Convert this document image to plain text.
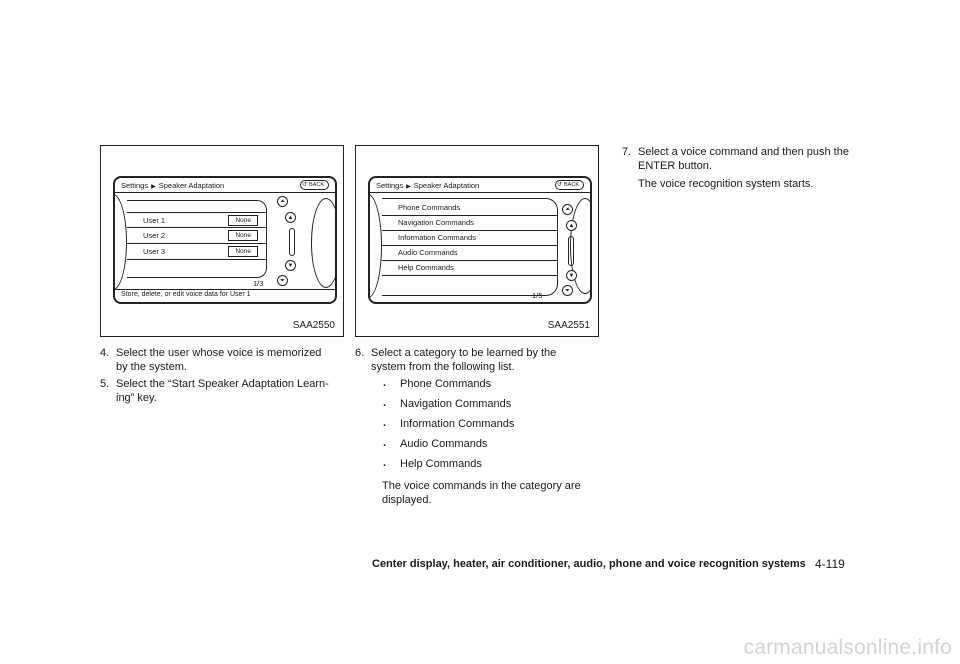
Settings ▶ Speaker Adaptation	↺ BACK
User 1	None
User 2	None
User 3	None
1/3
⏶
▲
▼
⏷
Store, delete, or edit voice data for User 1
SAA2550
Settings ▶ Speaker Adaptation	↺ BACK
Phone Commands
Navigation Commands
Information Commands
Audio Commands
Help Commands
1/5
⏶
▲
▼
⏷
SAA2551
4. Select the user whose voice is memorized
by the system.
5. Select the “Start Speaker Adaptation Learn-
ing” key.
6. Select a category to be learned by the
system from the following list.
. Phone Commands
. Navigation Commands
. Information Commands
. Audio Commands
. Help Commands
The voice commands in the category are
displayed.
7. Select a voice command and then push the
ENTER button.
The voice recognition system starts.
Center display, heater, air conditioner, audio, phone and voice recognition systems 4-119
carmanualsonline.info
